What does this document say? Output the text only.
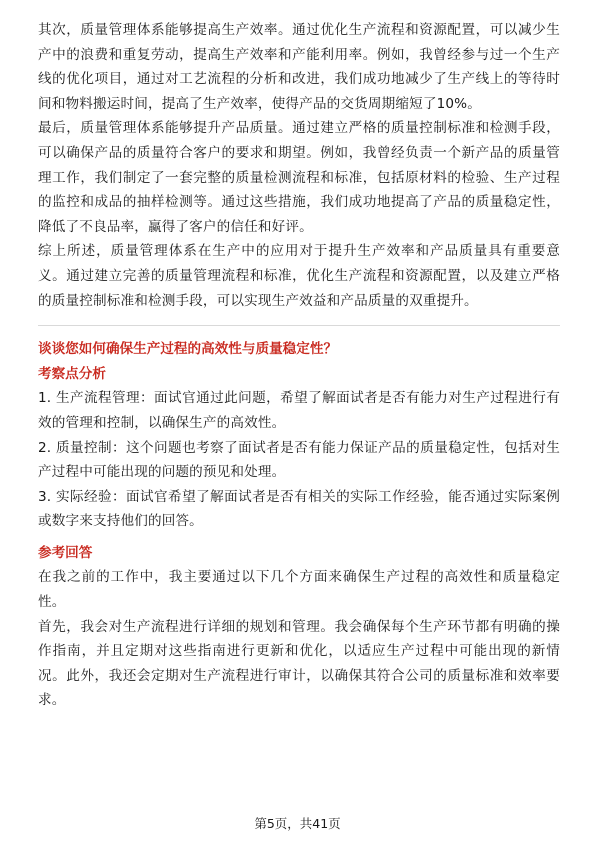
其次，质量管理体系能够提高生产效率。通过优化生产流程和资源配置，可以减少生产中的浪费和重复劳动，提高生产效率和产能利用率。例如，我曾经参与过一个生产线的优化项目，通过对工艺流程的分析和改进，我们成功地减少了生产线上的等待时间和物料搬运时间，提高了生产效率，使得产品的交货周期缩短了10%。

最后，质量管理体系能够提升产品质量。通过建立严格的质量控制标准和检测手段，可以确保产品的质量符合客户的要求和期望。例如，我曾经负责一个新产品的质量管理工作，我们制定了一套完整的质量检测流程和标准，包括原材料的检验、生产过程的监控和成品的抽样检测等。通过这些措施，我们成功地提高了产品的质量稳定性，降低了不良品率，赢得了客户的信任和好评。

综上所述，质量管理体系在生产中的应用对于提升生产效率和产品质量具有重要意义。通过建立完善的质量管理流程和标准，优化生产流程和资源配置，以及建立严格的质量控制标准和检测手段，可以实现生产效益和产品质量的双重提升。

谈谈您如何确保生产过程的高效性与质量稳定性？
考察点分析

1. 生产流程管理：面试官通过此问题，希望了解面试者是否有能力对生产过程进行有效的管理和控制，以确保生产的高效性。

2. 质量控制：这个问题也考察了面试者是否有能力保证产品的质量稳定性，包括对生产过程中可能出现的问题的预见和处理。

3. 实际经验：面试官希望了解面试者是否有相关的实际工作经验，能否通过实际案例或数字来支持他们的回答。

参考回答

在我之前的工作中，我主要通过以下几个方面来确保生产过程的高效性和质量稳定性。

首先，我会对生产流程进行详细的规划和管理。我会确保每个生产环节都有明确的操作指南，并且定期对这些指南进行更新和优化，以适应生产过程中可能出现的新情况。此外，我还会定期对生产流程进行审计，以确保其符合公司的质量标准和效率要求。

第5页，共41页
